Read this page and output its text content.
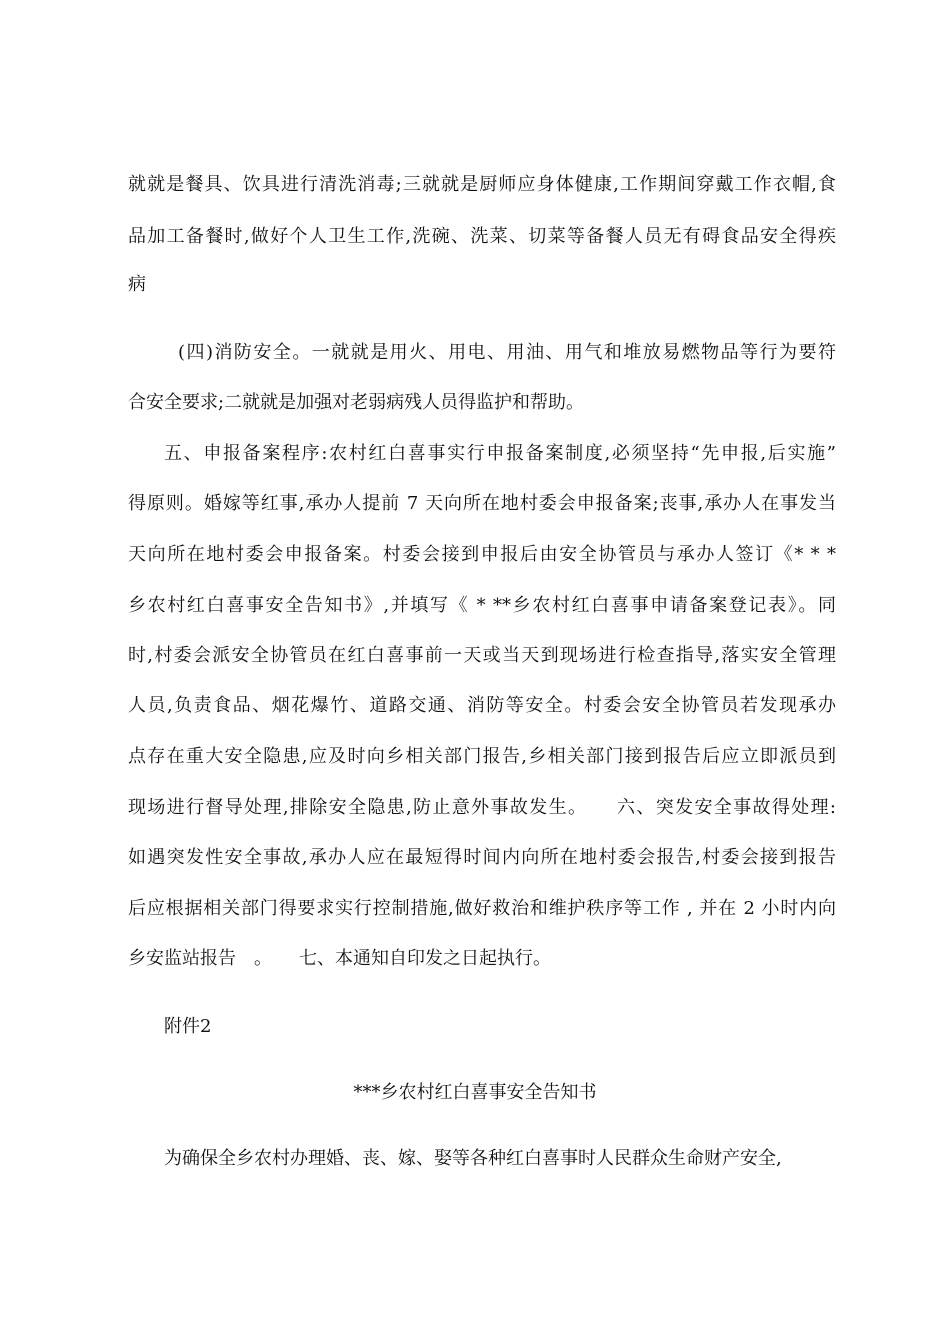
就就是餐具、饮具进行清洗消毒;三就就是厨师应身体健康,工作期间穿戴工作衣帽,食
品加工备餐时,做好个人卫生工作,洗碗、洗菜、切菜等备餐人员无有碍食品安全得疾
病
(四)消防安全。一就就是用火、用电、用油、用气和堆放易燃物品等行为要符
合安全要求;二就就是加强对老弱病残人员得监护和帮助。
五、申报备案程序:农村红白喜事实行申报备案制度,必须坚持“先申报,后实施”
得原则。婚嫁等红事,承办人提前 7 天向所在地村委会申报备案;丧事,承办人在事发当
天向所在地村委会申报备案。村委会接到申报后由安全协管员与承办人签订《* * *
乡农村红白喜事安全告知书》,并填写《 * **乡农村红白喜事申请备案登记表》。同
时,村委会派安全协管员在红白喜事前一天或当天到现场进行检查指导,落实安全管理
人员,负责食品、烟花爆竹、道路交通、消防等安全。村委会安全协管员若发现承办
点存在重大安全隐患,应及时向乡相关部门报告,乡相关部门接到报告后应立即派员到
现场进行督导处理,排除安全隐患,防止意外事故发生。　　六、突发安全事故得处理:
如遇突发性安全事故,承办人应在最短得时间内向所在地村委会报告,村委会接到报告
后应根据相关部门得要求实行控制措施,做好救治和维护秩序等工作 , 并在 2 小时内向
乡安监站报告　。　　七、本通知自印发之日起执行。
附件2
***乡农村红白喜事安全告知书
为确保全乡农村办理婚、丧、嫁、娶等各种红白喜事时人民群众生命财产安全,
